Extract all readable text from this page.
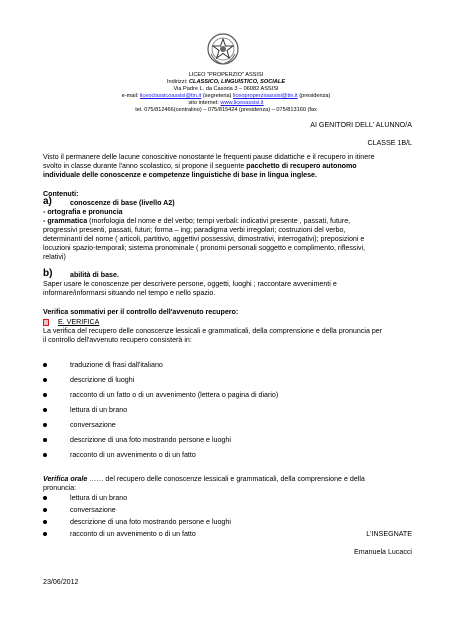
LICEO "PROPERZIO" ASSISI
Indirizzi: CLASSICO, LINGUISTICO, SOCIALE
Via Padre L. da Casoria 3 – 06082 ASSISI
e-mail: liceoclassicoassisi@tin.it (segreteria) liceoproperzioassisi@tin.it (presidenza)
sito internet: www.liceoassisi.it
tel. 075/812466(centralino) – 075/815424 (presidenza) – 075/813160 (fax
AI GENITORI DELL' ALUNNO/A
CLASSE 1B/L
Visto il permanere delle lacune conoscitive nonostante le frequenti pause didattiche e il recupero in itinere
svolto in classe durante l'anno scolastico, si propone il seguente pacchetto di recupero autonomo
individuale delle conoscenze e competenze linguistiche di base in lingua inglese.
Contenuti:
a)	conoscenze di base (livello A2)
- ortografia e pronuncia
- grammatica (morfologia del nome e del verbo; tempi verbali: indicativi presente , passati, future,
progressivi presenti, passati, futuri; forma – ing; paradigma verbi irregolari; costruzioni del verbo,
determinanti del nome ( articoli, partitivo, aggettivi possessivi, dimostrativi, interrogativi); preposizioni e
locuzioni spazio-temporali; sistema pronominale ( pronomi personali soggetto e complimento, riflessivi,
relativi)
b) abilità di base.
Saper usare le conoscenze per descrivere persone, oggetti, luoghi ; raccontare avvenimenti e
informare/informarsi situando nel tempo e nello spazio.
Verifica sommativi per il controllo dell'avvenuto recupero:
E. VERIFICA
La verifica del recupero delle conoscenze lessicali e grammaticali, della comprensione e della pronuncia per
il controllo dell'avvenuto recupero consisterà in:
traduzione di frasi dall'italiano
descrizione di luoghi
racconto di un fatto o di un avvenimento (lettera o pagina di diario)
lettura di un brano
conversazione
descrizione di una foto mostrando persone e luoghi
racconto di un avvenimento o di un fatto
Verifica orale …… del recupero delle conoscenze lessicali e grammaticali, della comprensione e della
pronuncia:
lettura di un brano
conversazione
descrizione di una foto mostrando persone e luoghi
racconto di un avvenimento o di un fatto	L'INSEGNATE
Emanuela Lucacci
23/06/2012
